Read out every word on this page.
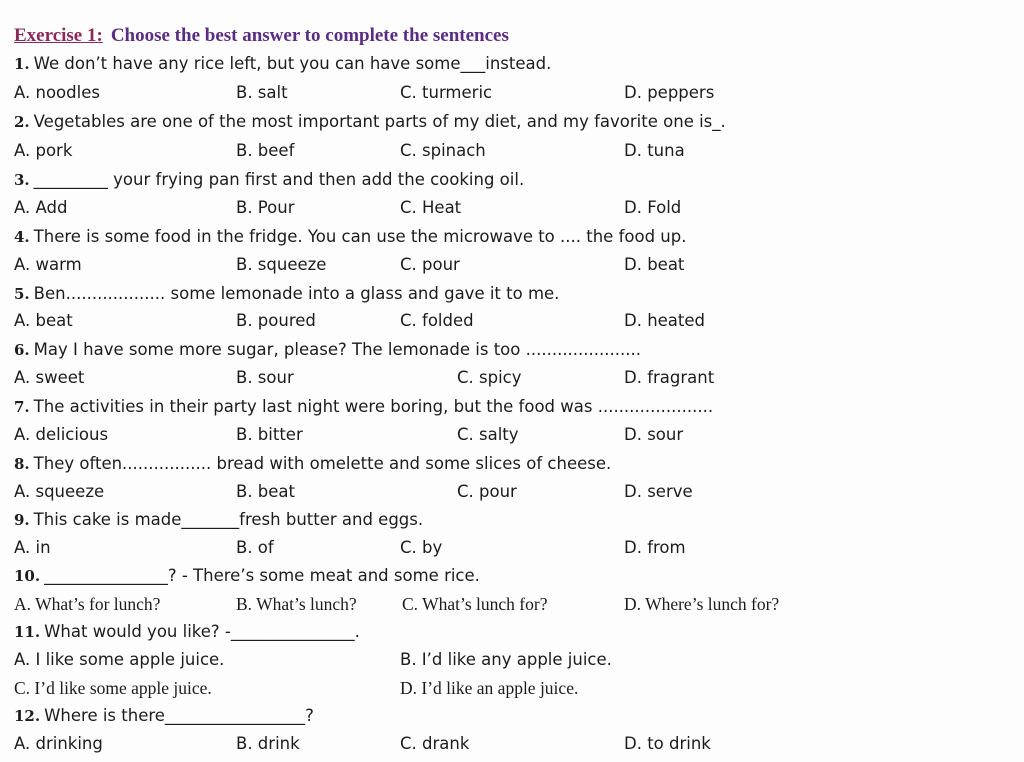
Exercise 1: Choose the best answer to complete the sentences
1. We don’t have any rice left, but you can have some___instead.
A. noodles	B. salt	C. turmeric	D. peppers
2. Vegetables are one of the most important parts of my diet, and my favorite one is_.
A. pork	B. beef	C. spinach	D. tuna
3. _________ your frying pan first and then add the cooking oil.
A. Add	B. Pour	C. Heat	D. Fold
4. There is some food in the fridge. You can use the microwave to .... the food up.
A. warm	B. squeeze	C. pour	D. beat
5. Ben................... some lemonade into a glass and gave it to me.
A. beat	B. poured	C. folded	D. heated
6. May I have some more sugar, please? The lemonade is too ......................
A. sweet	B. sour	C. spicy	D. fragrant
7. The activities in their party last night were boring, but the food was ......................
A. delicious	B. bitter	C. salty	D. sour
8. They often................. bread with omelette and some slices of cheese.
A. squeeze	B. beat	C. pour	D. serve
9. This cake is made_______fresh butter and eggs.
A. in	B. of	C. by	D. from
10. _______________? - There’s some meat and some rice.
A. What’s for lunch?	B. What’s lunch?	C. What’s lunch for?	D. Where’s lunch for?
11. What would you like? -_______________.
A. I like some apple juice.	B. I’d like any apple juice.
C. I’d like some apple juice.	D. I’d like an apple juice.
12. Where is there_________________?
A. drinking	B. drink	C. drank	D. to drink
